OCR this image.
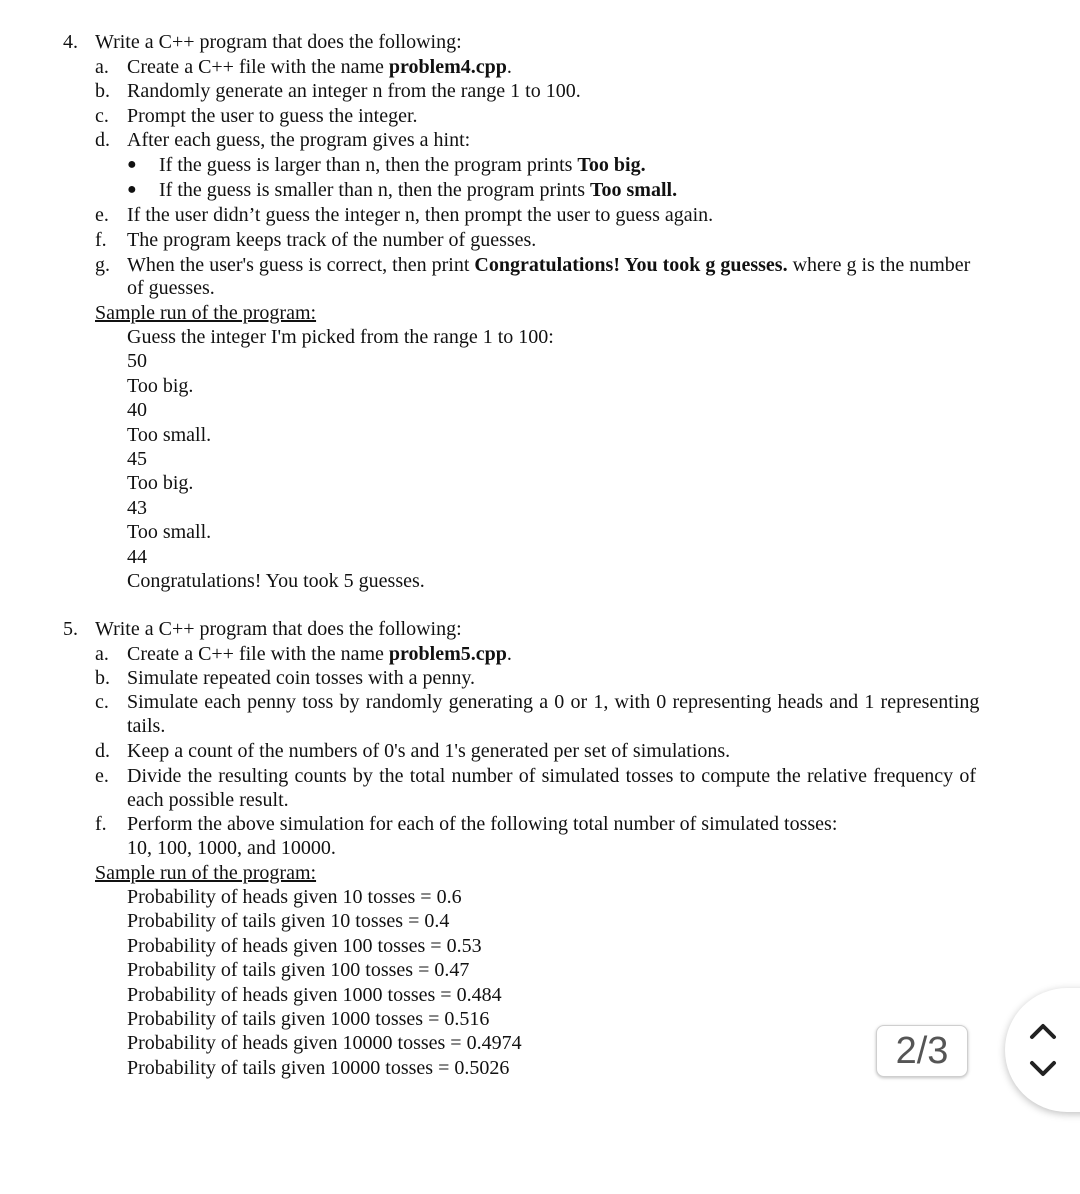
4. Write a C++ program that does the following:
a. Create a C++ file with the name problem4.cpp.
b. Randomly generate an integer n from the range 1 to 100.
c. Prompt the user to guess the integer.
d. After each guess, the program gives a hint:
● If the guess is larger than n, then the program prints Too big.
● If the guess is smaller than n, then the program prints Too small.
e. If the user didn’t guess the integer n, then prompt the user to guess again.
f. The program keeps track of the number of guesses.
g. When the user's guess is correct, then print Congratulations! You took g guesses. where g is the number
of guesses.
Sample run of the program:
Guess the integer I'm picked from the range 1 to 100:
50
Too big.
40
Too small.
45
Too big.
43
Too small.
44
Congratulations! You took 5 guesses.
5. Write a C++ program that does the following:
a. Create a C++ file with the name problem5.cpp.
b. Simulate repeated coin tosses with a penny.
c. Simulate each penny toss by randomly generating a 0 or 1, with 0 representing heads and 1 representing
tails.
d. Keep a count of the numbers of 0's and 1's generated per set of simulations.
e. Divide the resulting counts by the total number of simulated tosses to compute the relative frequency of
each possible result.
f. Perform the above simulation for each of the following total number of simulated tosses:
10, 100, 1000, and 10000.
Sample run of the program:
Probability of heads given 10 tosses = 0.6
Probability of tails given 10 tosses = 0.4
Probability of heads given 100 tosses = 0.53
Probability of tails given 100 tosses = 0.47
Probability of heads given 1000 tosses = 0.484
Probability of tails given 1000 tosses = 0.516
Probability of heads given 10000 tosses = 0.4974
Probability of tails given 10000 tosses = 0.5026	2/3
